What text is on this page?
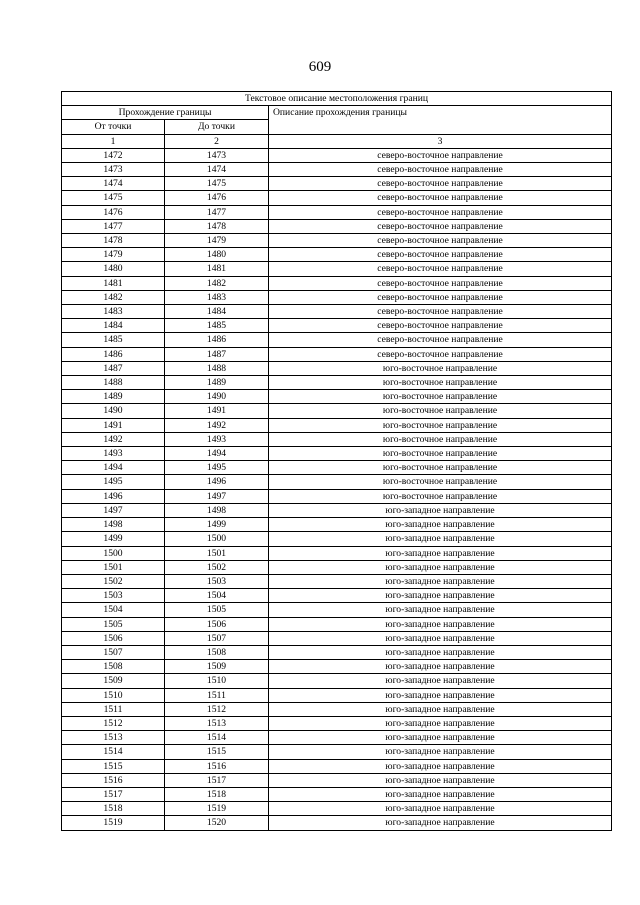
609
Текстовое описание местоположения границ		
Прохождение границы		Описание прохождения границы
От точки	До точки	
1	2	3
1472	1473	северо-восточное направление
1473	1474	северо-восточное направление
1474	1475	северо-восточное направление
1475	1476	северо-восточное направление
1476	1477	северо-восточное направление
1477	1478	северо-восточное направление
1478	1479	северо-восточное направление
1479	1480	северо-восточное направление
1480	1481	северо-восточное направление
1481	1482	северо-восточное направление
1482	1483	северо-восточное направление
1483	1484	северо-восточное направление
1484	1485	северо-восточное направление
1485	1486	северо-восточное направление
1486	1487	северо-восточное направление
1487	1488	юго-восточное направление
1488	1489	юго-восточное направление
1489	1490	юго-восточное направление
1490	1491	юго-восточное направление
1491	1492	юго-восточное направление
1492	1493	юго-восточное направление
1493	1494	юго-восточное направление
1494	1495	юго-восточное направление
1495	1496	юго-восточное направление
1496	1497	юго-восточное направление
1497	1498	юго-западное направление
1498	1499	юго-западное направление
1499	1500	юго-западное направление
1500	1501	юго-западное направление
1501	1502	юго-западное направление
1502	1503	юго-западное направление
1503	1504	юго-западное направление
1504	1505	юго-западное направление
1505	1506	юго-западное направление
1506	1507	юго-западное направление
1507	1508	юго-западное направление
1508	1509	юго-западное направление
1509	1510	юго-западное направление
1510	1511	юго-западное направление
1511	1512	юго-западное направление
1512	1513	юго-западное направление
1513	1514	юго-западное направление
1514	1515	юго-западное направление
1515	1516	юго-западное направление
1516	1517	юго-западное направление
1517	1518	юго-западное направление
1518	1519	юго-западное направление
1519	1520	юго-западное направление
